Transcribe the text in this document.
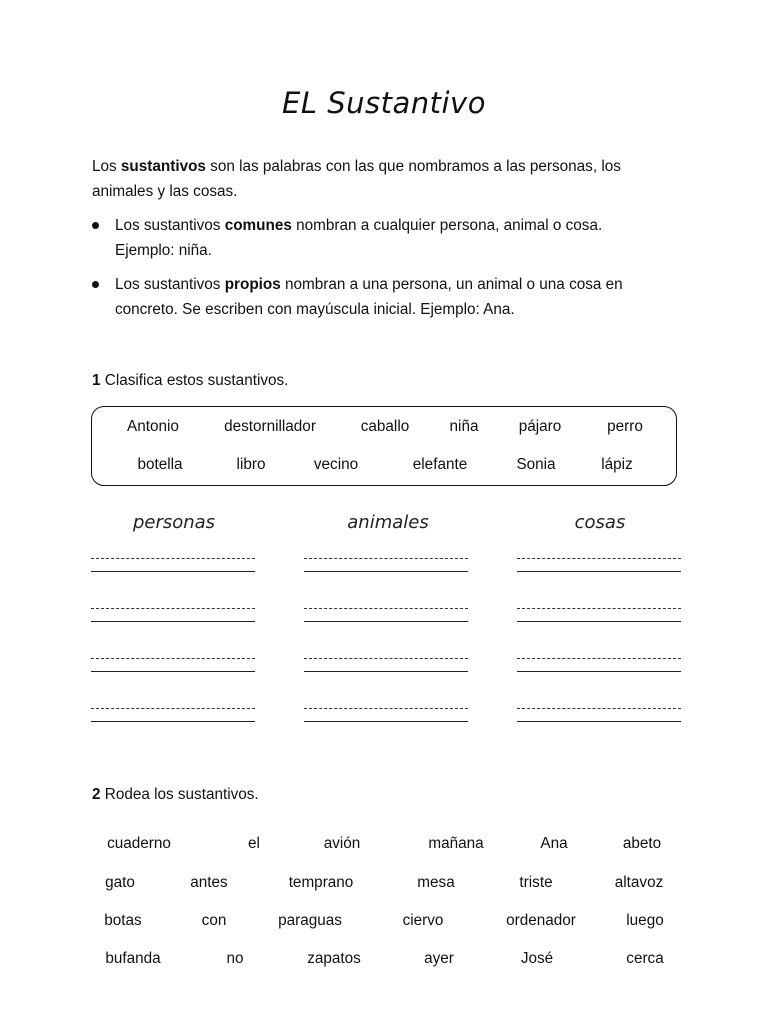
EL Sustantivo

Los sustantivos son las palabras con las que nombramos a las personas, los animales y las cosas.

Los sustantivos comunes nombran a cualquier persona, animal o cosa. Ejemplo: niña.
Los sustantivos propios nombran a una persona, un animal o una cosa en concreto. Se escriben con mayúscula inicial. Ejemplo: Ana.
1 Clasifica estos sustantivos.
Antonio	destornillador	caballo	niña	pájaro	perro
botella	libro	vecino	elefante	Sonia	lápiz
personas	animales	cosas
2 Rodea los sustantivos.
cuaderno	el	avión	mañana	Ana	abeto
gato	antes	temprano	mesa	triste	altavoz
botas	con	paraguas	ciervo	ordenador	luego
bufanda	no	zapatos	ayer	José	cerca
